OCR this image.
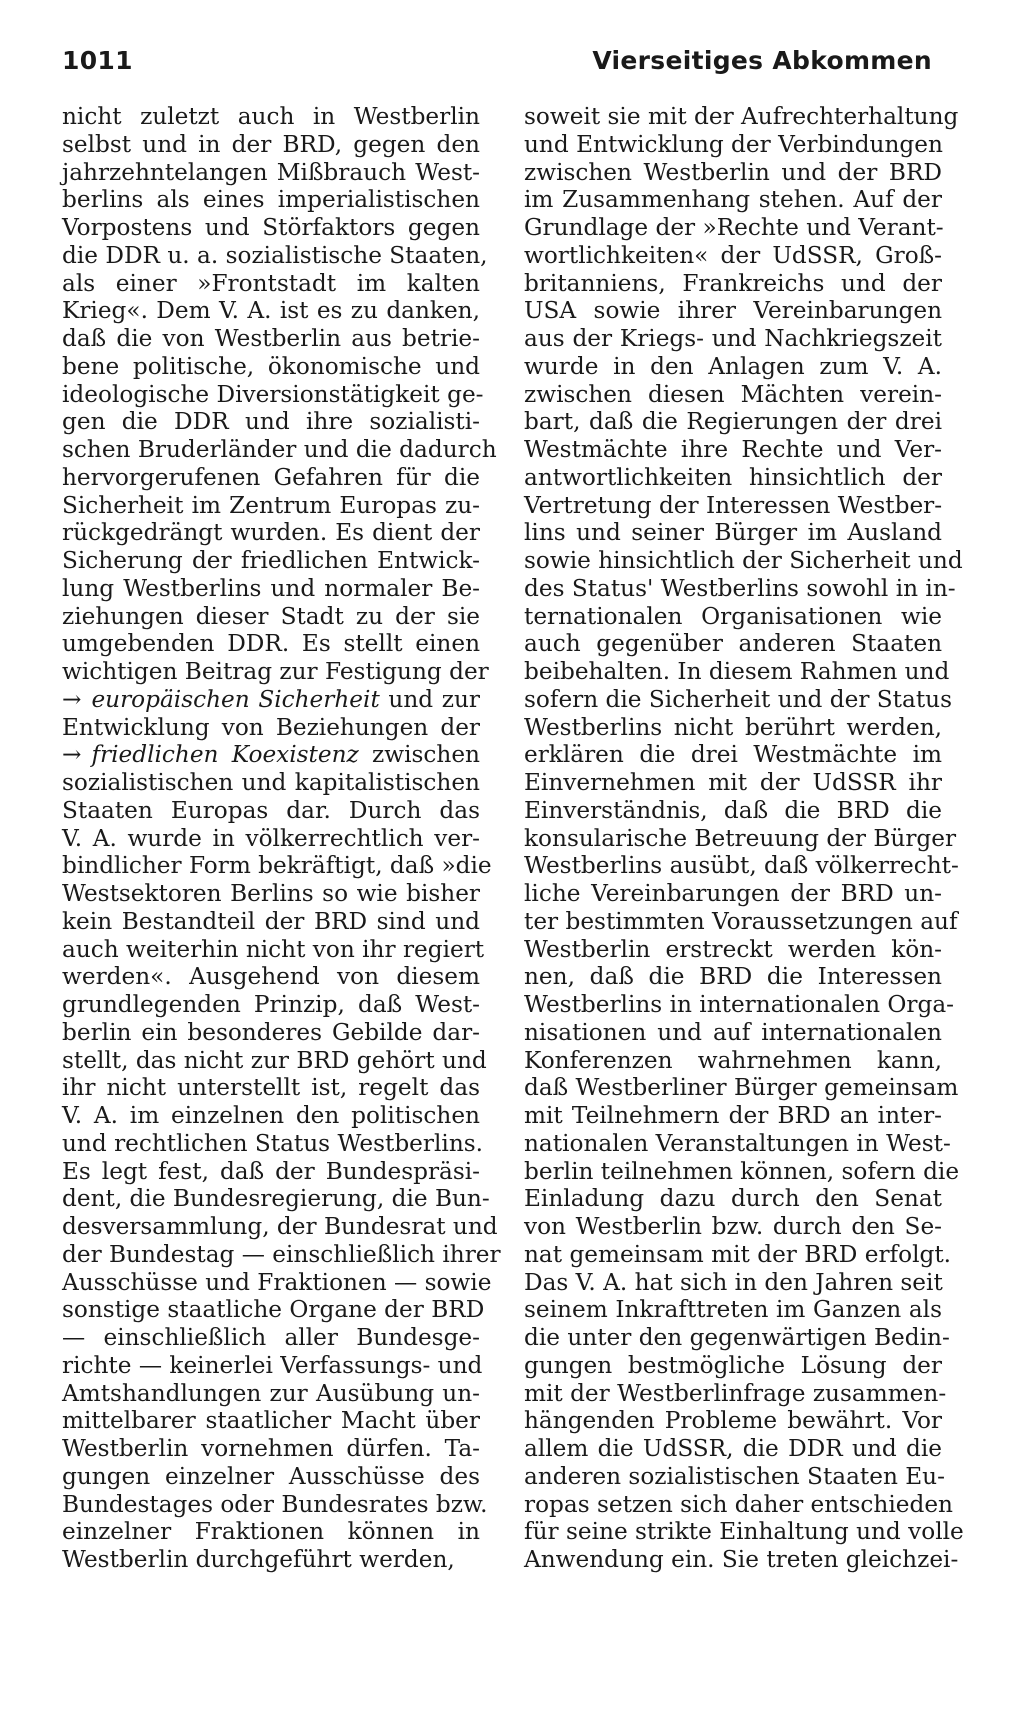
1011	Vierseitiges Abkommen
nicht zuletzt auch in Westberlin
selbst und in der BRD, gegen den
jahrzehntelangen Mißbrauch West-
berlins als eines imperialistischen
Vorpostens und Störfaktors gegen
die DDR u. a. sozialistische Staaten,
als einer »Frontstadt im kalten
Krieg«. Dem V. A. ist es zu danken,
daß die von Westberlin aus betrie-
bene politische, ökonomische und
ideologische Diversionstätigkeit ge-
gen die DDR und ihre sozialisti-
schen Bruderländer und die dadurch
hervorgerufenen Gefahren für die
Sicherheit im Zentrum Europas zu-
rückgedrängt wurden. Es dient der
Sicherung der friedlichen Entwick-
lung Westberlins und normaler Be-
ziehungen dieser Stadt zu der sie
umgebenden DDR. Es stellt einen
wichtigen Beitrag zur Festigung der
→ europäischen Sicherheit und zur
Entwicklung von Beziehungen der
→ friedlichen Koexistenz zwischen
sozialistischen und kapitalistischen
Staaten Europas dar. Durch das
V. A. wurde in völkerrechtlich ver-
bindlicher Form bekräftigt, daß »die
Westsektoren Berlins so wie bisher
kein Bestandteil der BRD sind und
auch weiterhin nicht von ihr regiert
werden«. Ausgehend von diesem
grundlegenden Prinzip, daß West-
berlin ein besonderes Gebilde dar-
stellt, das nicht zur BRD gehört und
ihr nicht unterstellt ist, regelt das
V. A. im einzelnen den politischen
und rechtlichen Status Westberlins.
Es legt fest, daß der Bundespräsi-
dent, die Bundesregierung, die Bun-
desversammlung, der Bundesrat und
der Bundestag — einschließlich ihrer
Ausschüsse und Fraktionen — sowie
sonstige staatliche Organe der BRD
— einschließlich aller Bundesge-
richte — keinerlei Verfassungs- und
Amtshandlungen zur Ausübung un-
mittelbarer staatlicher Macht über
Westberlin vornehmen dürfen. Ta-
gungen einzelner Ausschüsse des
Bundestages oder Bundesrates bzw.
einzelner Fraktionen können in
Westberlin durchgeführt werden,
soweit sie mit der Aufrechterhaltung
und Entwicklung der Verbindungen
zwischen Westberlin und der BRD
im Zusammenhang stehen. Auf der
Grundlage der »Rechte und Verant-
wortlichkeiten« der UdSSR, Groß-
britanniens, Frankreichs und der
USA sowie ihrer Vereinbarungen
aus der Kriegs- und Nachkriegszeit
wurde in den Anlagen zum V. A.
zwischen diesen Mächten verein-
bart, daß die Regierungen der drei
Westmächte ihre Rechte und Ver-
antwortlichkeiten hinsichtlich der
Vertretung der Interessen Westber-
lins und seiner Bürger im Ausland
sowie hinsichtlich der Sicherheit und
des Status' Westberlins sowohl in in-
ternationalen Organisationen wie
auch gegenüber anderen Staaten
beibehalten. In diesem Rahmen und
sofern die Sicherheit und der Status
Westberlins nicht berührt werden,
erklären die drei Westmächte im
Einvernehmen mit der UdSSR ihr
Einverständnis, daß die BRD die
konsularische Betreuung der Bürger
Westberlins ausübt, daß völkerrecht-
liche Vereinbarungen der BRD un-
ter bestimmten Voraussetzungen auf
Westberlin erstreckt werden kön-
nen, daß die BRD die Interessen
Westberlins in internationalen Orga-
nisationen und auf internationalen
Konferenzen wahrnehmen kann,
daß Westberliner Bürger gemeinsam
mit Teilnehmern der BRD an inter-
nationalen Veranstaltungen in West-
berlin teilnehmen können, sofern die
Einladung dazu durch den Senat
von Westberlin bzw. durch den Se-
nat gemeinsam mit der BRD erfolgt.
Das V. A. hat sich in den Jahren seit
seinem Inkrafttreten im Ganzen als
die unter den gegenwärtigen Bedin-
gungen bestmögliche Lösung der
mit der Westberlinfrage zusammen-
hängenden Probleme bewährt. Vor
allem die UdSSR, die DDR und die
anderen sozialistischen Staaten Eu-
ropas setzen sich daher entschieden
für seine strikte Einhaltung und volle
Anwendung ein. Sie treten gleichzei-
